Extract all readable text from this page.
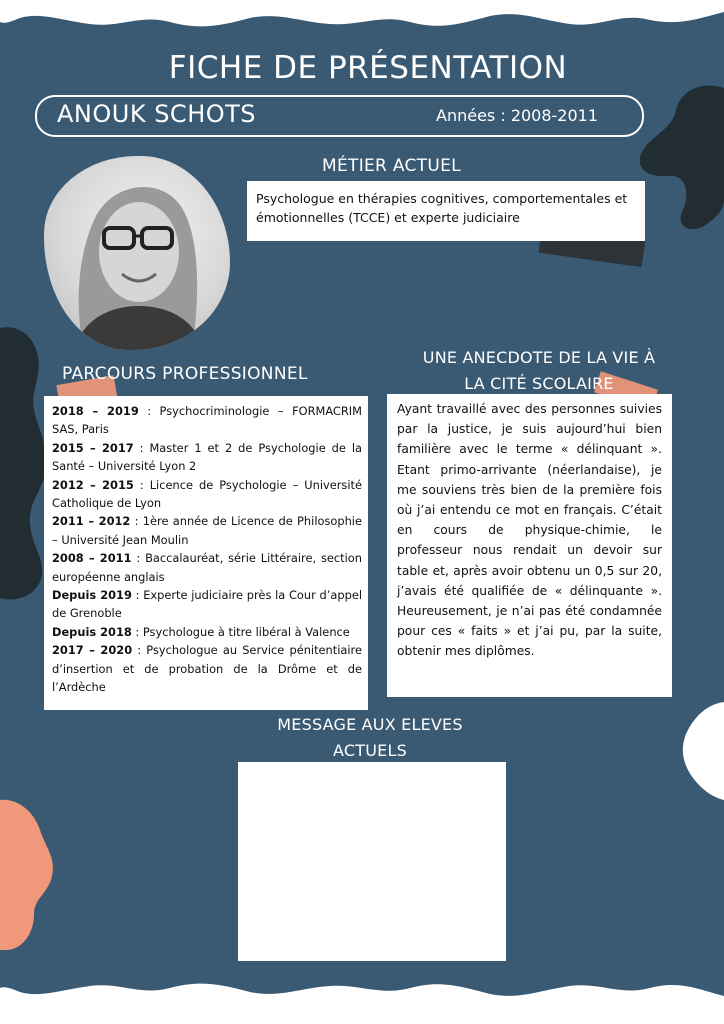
FICHE DE PRÉSENTATION
ANOUK SCHOTS	Années : 2008-2011
MÉTIER ACTUEL
Psychologue en thérapies cognitives, comportementales et émotionnelles (TCCE) et experte judiciaire
PARCOURS PROFESSIONNEL
2018 – 2019 : Psychocriminologie – FORMACRIM SAS, Paris
2015 – 2017 : Master 1 et 2 de Psychologie de la Santé – Université Lyon 2
2012 – 2015 : Licence de Psychologie – Université Catholique de Lyon
2011 – 2012 : 1ère année de Licence de Philosophie – Université Jean Moulin
2008 – 2011 : Baccalauréat, série Littéraire, section européenne anglais
Depuis 2019 : Experte judiciaire près la Cour d’appel de Grenoble
Depuis 2018 : Psychologue à titre libéral à Valence
2017 – 2020 : Psychologue au Service pénitentiaire d’insertion et de probation de la Drôme et de l’Ardèche
UNE ANECDOTE DE LA VIE À
LA CITÉ SCOLAIRE
Ayant travaillé avec des personnes suivies par la justice, je suis aujourd’hui bien familière avec le terme « délinquant ». Etant primo-arrivante (néerlandaise), je me souviens très bien de la première fois où j’ai entendu ce mot en français. C’était en cours de physique-chimie, le professeur nous rendait un devoir sur table et, après avoir obtenu un 0,5 sur 20, j’avais été qualifiée de « délinquante ». Heureusement, je n’ai pas été condamnée pour ces « faits » et j’ai pu, par la suite, obtenir mes diplômes.
MESSAGE AUX ELEVES
ACTUELS
